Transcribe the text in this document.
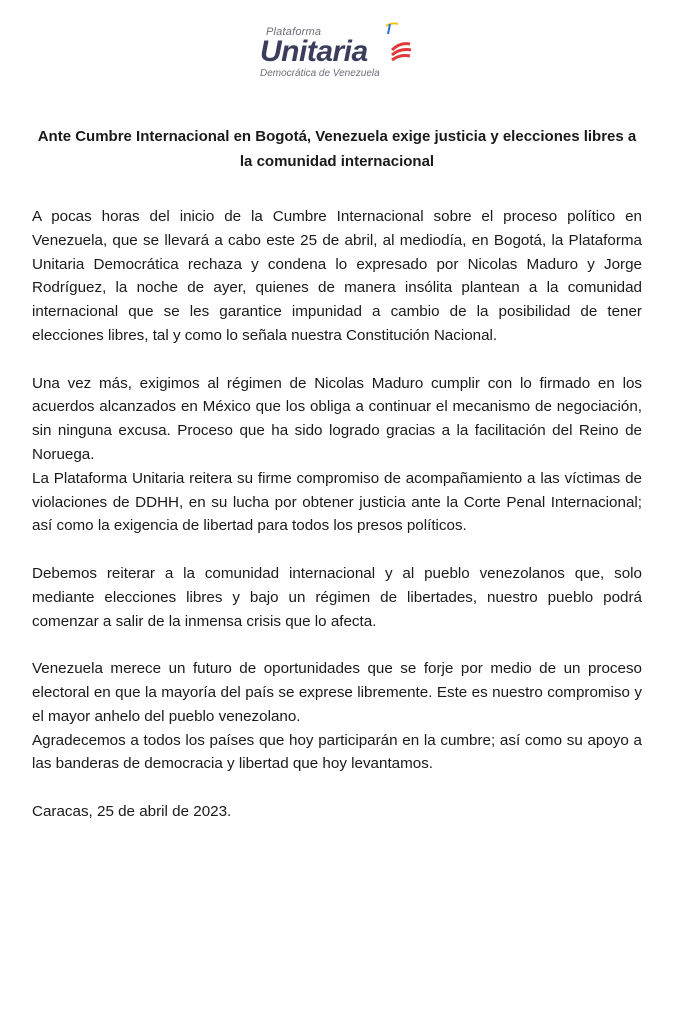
Plataforma
Unitaria
Democrática de Venezuela
Ante Cumbre Internacional en Bogotá, Venezuela exige justicia y elecciones libres a la comunidad internacional

A pocas horas del inicio de la Cumbre Internacional sobre el proceso político en Venezuela, que se llevará a cabo este 25 de abril, al mediodía, en Bogotá, la Plataforma Unitaria Democrática rechaza y condena lo expresado por Nicolas Maduro y Jorge Rodríguez, la noche de ayer, quienes de manera insólita plantean a la comunidad internacional que se les garantice impunidad a cambio de la posibilidad de tener elecciones libres, tal y como lo señala nuestra Constitución Nacional.

Una vez más, exigimos al régimen de Nicolas Maduro cumplir con lo firmado en los acuerdos alcanzados en México que los obliga a continuar el mecanismo de negociación, sin ninguna excusa. Proceso que ha sido logrado gracias a la facilitación del Reino de Noruega.

La Plataforma Unitaria reitera su firme compromiso de acompañamiento a las víctimas de violaciones de DDHH, en su lucha por obtener justicia ante la Corte Penal Internacional; así como la exigencia de libertad para todos los presos políticos.

Debemos reiterar a la comunidad internacional y al pueblo venezolanos que, solo mediante elecciones libres y bajo un régimen de libertades, nuestro pueblo podrá comenzar a salir de la inmensa crisis que lo afecta.

Venezuela merece un futuro de oportunidades que se forje por medio de un proceso electoral en que la mayoría del país se exprese libremente. Este es nuestro compromiso y el mayor anhelo del pueblo venezolano.

Agradecemos a todos los países que hoy participarán en la cumbre; así como su apoyo a las banderas de democracia y libertad que hoy levantamos.

Caracas, 25 de abril de 2023.
